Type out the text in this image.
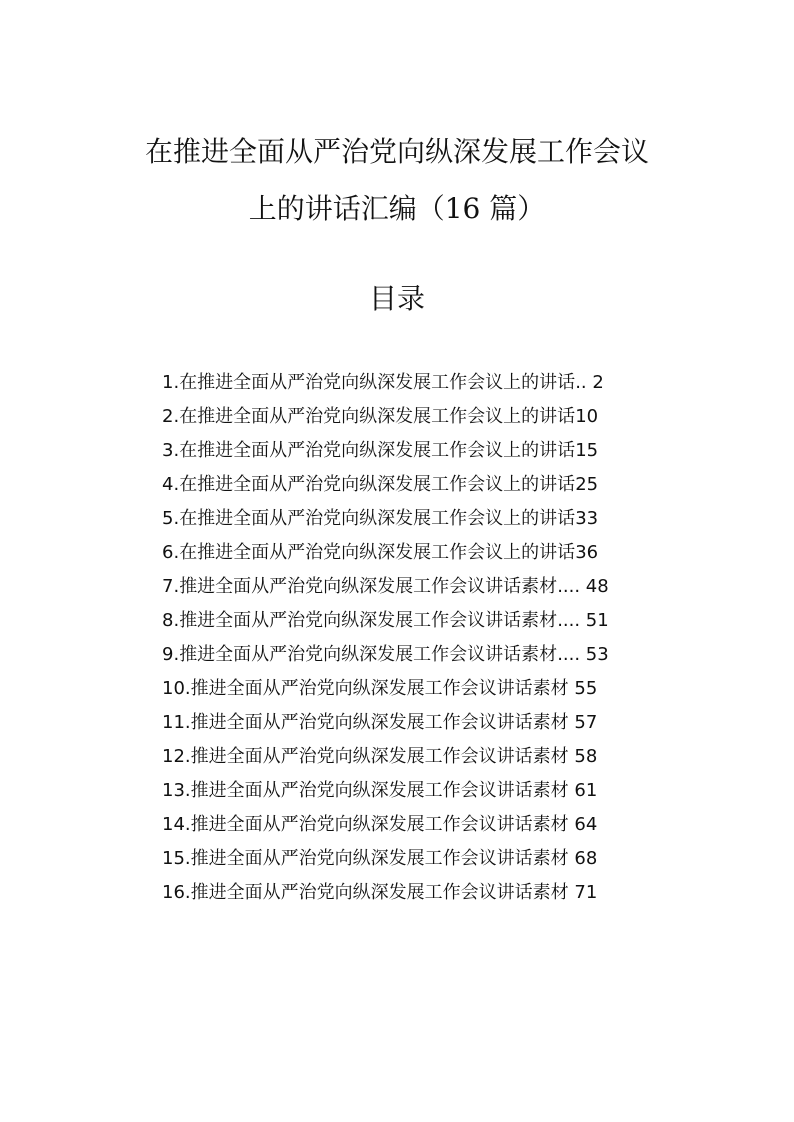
在推进全面从严治党向纵深发展工作会议
上的讲话汇编（16 篇）
目录
1.在推进全面从严治党向纵深发展工作会议上的讲话.. 2
2.在推进全面从严治党向纵深发展工作会议上的讲话10
3.在推进全面从严治党向纵深发展工作会议上的讲话15
4.在推进全面从严治党向纵深发展工作会议上的讲话25
5.在推进全面从严治党向纵深发展工作会议上的讲话33
6.在推进全面从严治党向纵深发展工作会议上的讲话36
7.推进全面从严治党向纵深发展工作会议讲话素材.... 48
8.推进全面从严治党向纵深发展工作会议讲话素材.... 51
9.推进全面从严治党向纵深发展工作会议讲话素材.... 53
10.推进全面从严治党向纵深发展工作会议讲话素材 55
11.推进全面从严治党向纵深发展工作会议讲话素材 57
12.推进全面从严治党向纵深发展工作会议讲话素材 58
13.推进全面从严治党向纵深发展工作会议讲话素材 61
14.推进全面从严治党向纵深发展工作会议讲话素材 64
15.推进全面从严治党向纵深发展工作会议讲话素材 68
16.推进全面从严治党向纵深发展工作会议讲话素材 71
